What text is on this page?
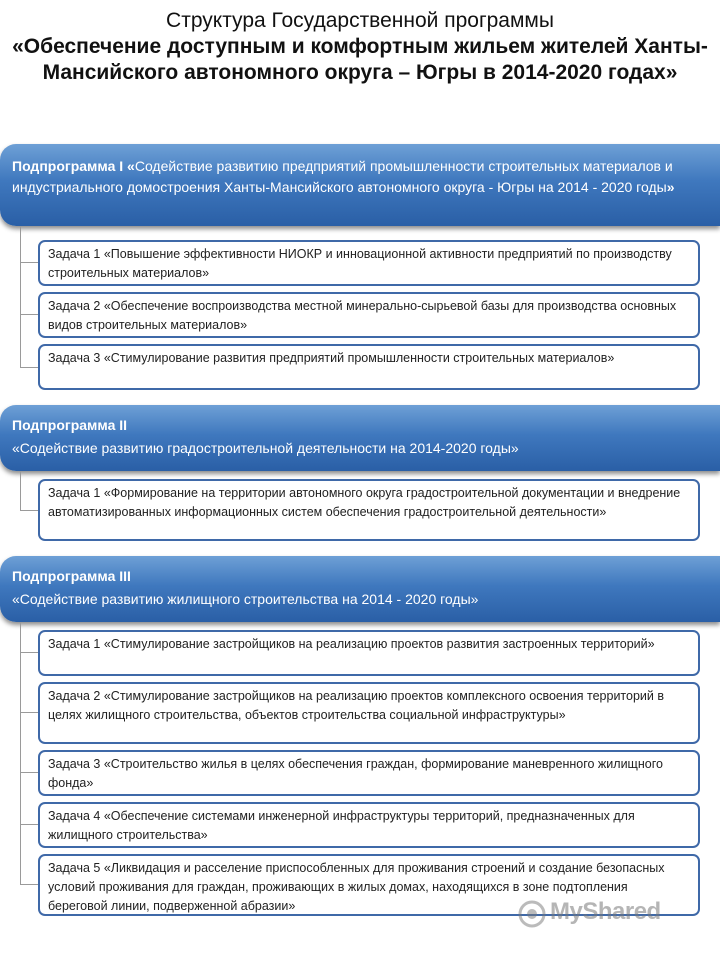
Структура Государственной программы
«Обеспечение доступным и комфортным жильем жителей Ханты-Мансийского автономного округа – Югры в 2014-2020 годах»
Подпрограмма I «Содействие развитию предприятий промышленности строительных материалов и индустриального домостроения Ханты-Мансийского автономного округа - Югры на 2014 - 2020 годы»
Задача 1 «Повышение эффективности НИОКР и инновационной активности предприятий по производству строительных материалов»
Задача 2 «Обеспечение воспроизводства местной минерально-сырьевой базы для производства основных видов строительных материалов»
Задача 3 «Стимулирование развития предприятий промышленности строительных материалов»
Подпрограмма II
«Содействие развитию градостроительной деятельности на 2014-2020 годы»
Задача 1 «Формирование на территории автономного округа градостроительной документации и внедрение автоматизированных информационных систем обеспечения градостроительной деятельности»
Подпрограмма III
«Содействие развитию жилищного строительства на 2014 - 2020 годы»
Задача 1 «Стимулирование застройщиков на реализацию проектов развития застроенных территорий»
Задача 2 «Стимулирование застройщиков на реализацию проектов комплексного освоения территорий в целях жилищного строительства, объектов строительства социальной инфраструктуры»
Задача 3 «Строительство жилья в целях обеспечения граждан, формирование маневренного жилищного фонда»
Задача 4 «Обеспечение системами инженерной инфраструктуры территорий, предназначенных для жилищного строительства»
Задача 5 «Ликвидация и расселение приспособленных для проживания строений и создание безопасных условий проживания для граждан, проживающих в жилых домах, находящихся в зоне подтопления береговой линии, подверженной абразии»	MyShared
